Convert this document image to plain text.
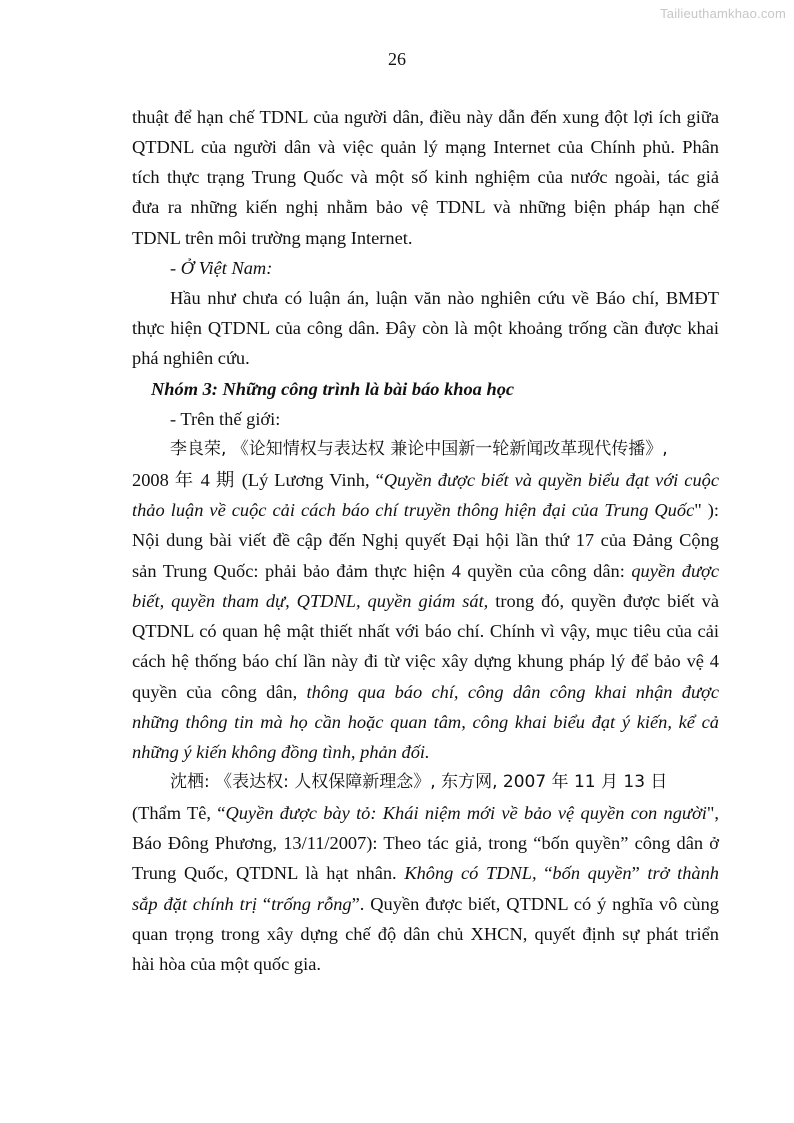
Tailieuthamkhao.com
26
thuật để hạn chế TDNL của người dân, điều này dẫn đến xung đột lợi ích giữa
QTDNL của người dân và việc quản lý mạng Internet của Chính phủ. Phân
tích thực trạng Trung Quốc và một số kinh nghiệm của nước ngoài, tác giả
đưa ra những kiến nghị nhằm bảo vệ TDNL và những biện pháp hạn chế
TDNL trên môi trường mạng Internet.
- Ở Việt Nam:
Hầu như chưa có luận án, luận văn nào nghiên cứu về Báo chí, BMĐT
thực hiện QTDNL của công dân. Đây còn là một khoảng trống cần được khai
phá nghiên cứu.
Nhóm 3: Những công trình là bài báo khoa học
- Trên thế giới:
李良荣, 《论知情权与表达权 兼论中国新一轮新闻改革现代传播》,
2008 年 4 期 (Lý Lương Vinh, “Quyền được biết và quyền biểu đạt với cuộc
thảo luận về cuộc cải cách báo chí truyền thông hiện đại của Trung Quốc" ):
Nội dung bài viết đề cập đến Nghị quyết Đại hội lần thứ 17 của Đảng Cộng
sản Trung Quốc: phải bảo đảm thực hiện 4 quyền của công dân: quyền được
biết, quyền tham dự, QTDNL, quyền giám sát, trong đó, quyền được biết và
QTDNL có quan hệ mật thiết nhất với báo chí. Chính vì vậy, mục tiêu của cải
cách hệ thống báo chí lần này đi từ việc xây dựng khung pháp lý để bảo vệ 4
quyền của công dân, thông qua báo chí, công dân công khai nhận được
những thông tin mà họ cần hoặc quan tâm, công khai biểu đạt ý kiến, kể cả
những ý kiến không đồng tình, phản đối.
沈栖: 《表达权: 人权保障新理念》, 东方网, 2007 年 11 月 13 日
(Thẩm Tê, “Quyền được bày tỏ: Khái niệm mới về bảo vệ quyền con người",
Báo Đông Phương, 13/11/2007): Theo tác giả, trong “bốn quyền” công dân ở
Trung Quốc, QTDNL là hạt nhân. Không có TDNL, “bốn quyền” trở thành
sắp đặt chính trị “trống rỗng”. Quyền được biết, QTDNL có ý nghĩa vô cùng
quan trọng trong xây dựng chế độ dân chủ XHCN, quyết định sự phát triển
hài hòa của một quốc gia.
